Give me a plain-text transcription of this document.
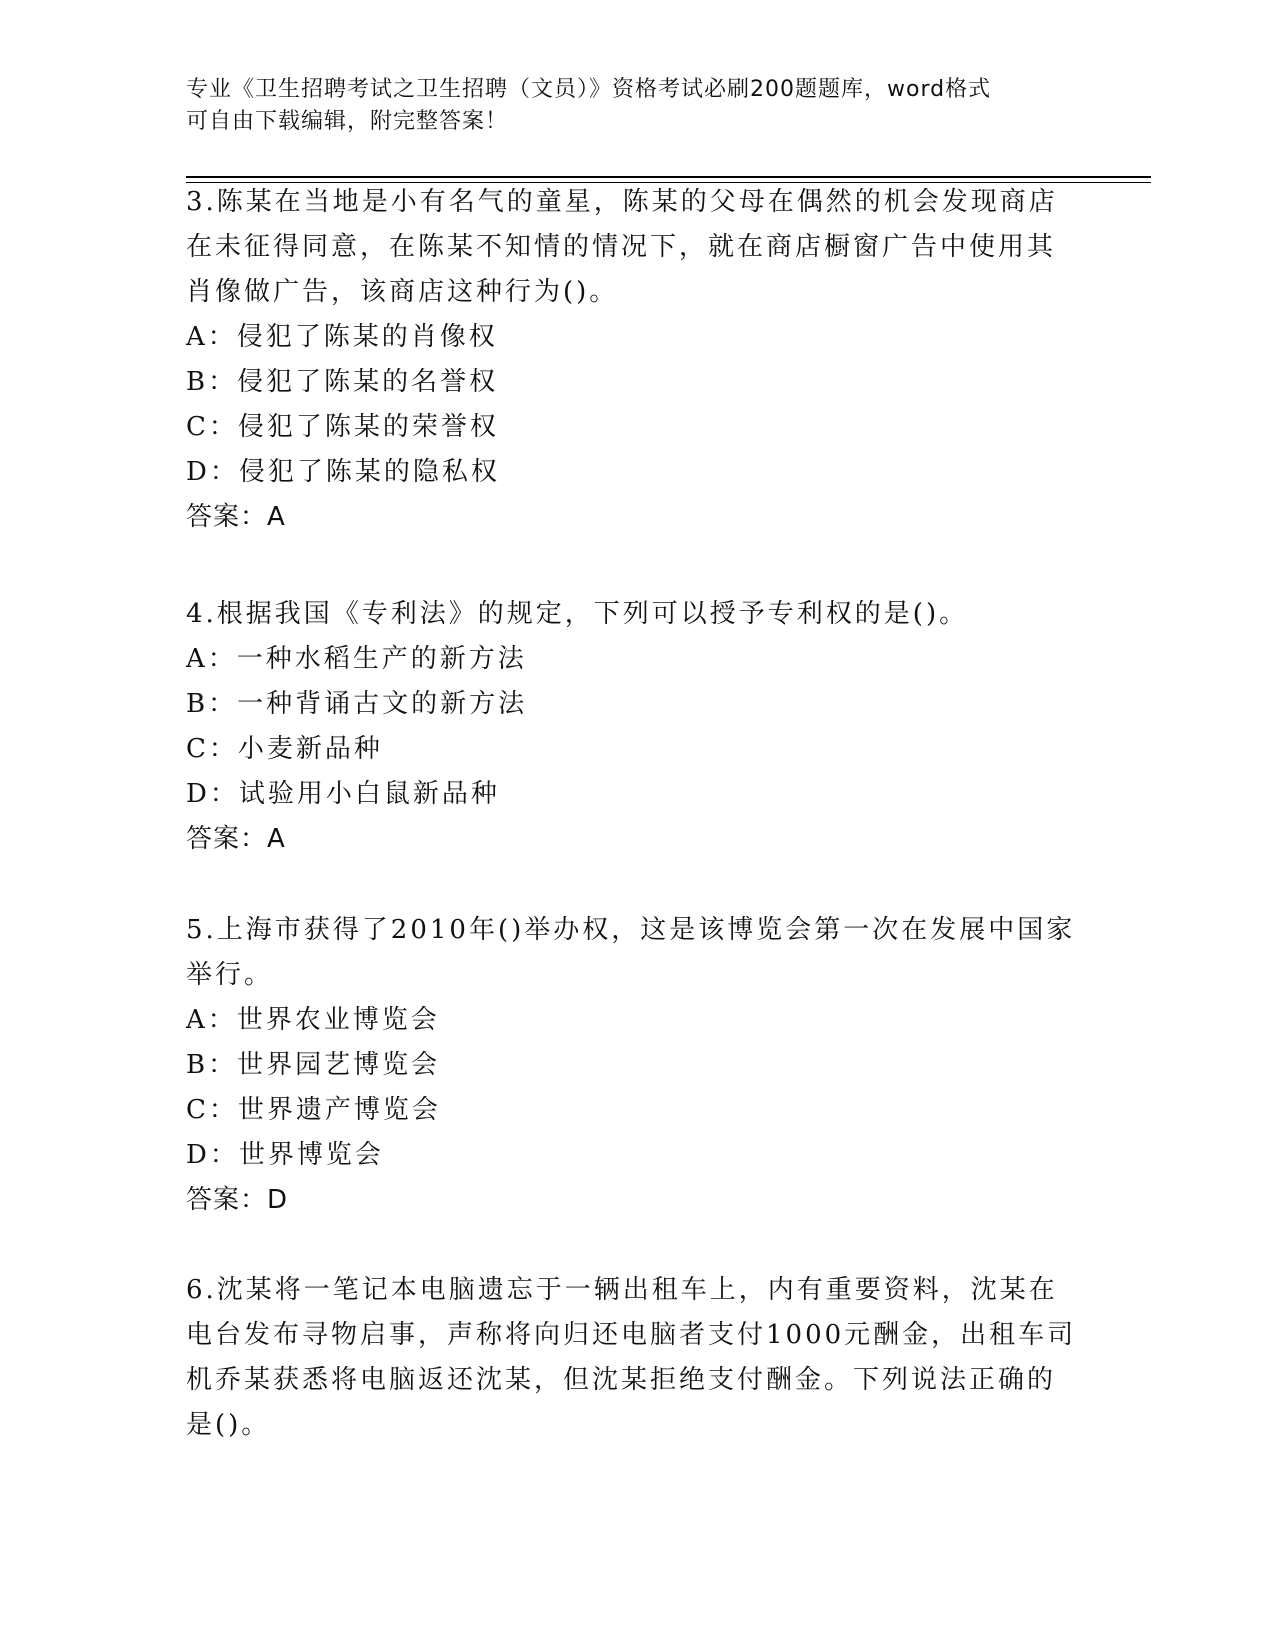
专业《卫生招聘考试之卫生招聘（文员）》资格考试必刷200题题库，word格式
可自由下载编辑，附完整答案！
3.陈某在当地是小有名气的童星，陈某的父母在偶然的机会发现商店
在未征得同意，在陈某不知情的情况下，就在商店橱窗广告中使用其
肖像做广告，该商店这种行为()。
A：侵犯了陈某的肖像权
B：侵犯了陈某的名誉权
C：侵犯了陈某的荣誉权
D：侵犯了陈某的隐私权
答案：A
4.根据我国《专利法》的规定，下列可以授予专利权的是()。
A：一种水稻生产的新方法
B：一种背诵古文的新方法
C：小麦新品种
D：试验用小白鼠新品种
答案：A
5.上海市获得了2010年()举办权，这是该博览会第一次在发展中国家
举行。
A：世界农业博览会
B：世界园艺博览会
C：世界遗产博览会
D：世界博览会
答案：D
6.沈某将一笔记本电脑遗忘于一辆出租车上，内有重要资料，沈某在
电台发布寻物启事，声称将向归还电脑者支付1000元酬金，出租车司
机乔某获悉将电脑返还沈某，但沈某拒绝支付酬金。下列说法正确的
是()。
